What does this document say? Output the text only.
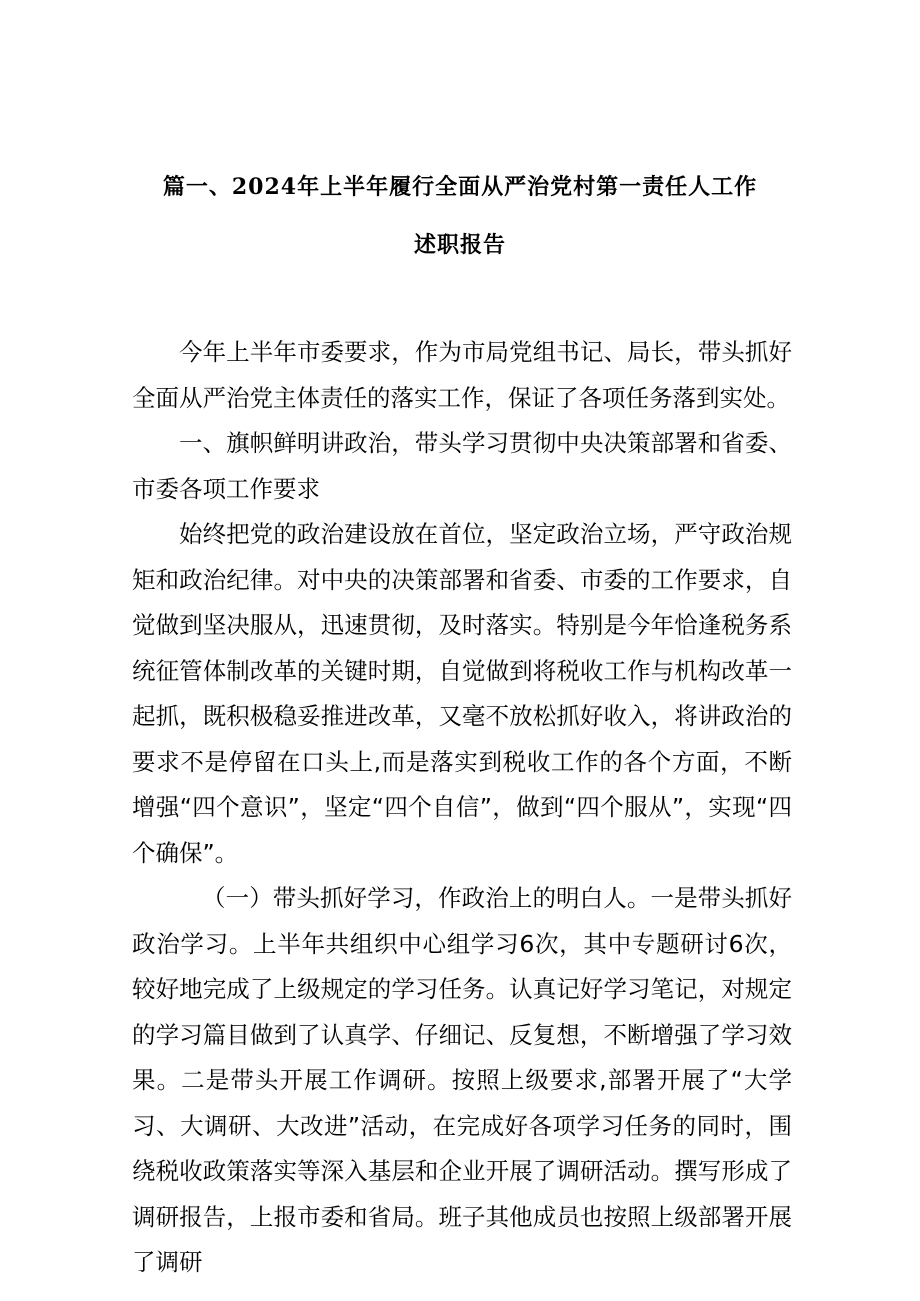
篇一、2024年上半年履行全面从严治党村第一责任人工作
述职报告

今年上半年市委要求，作为市局党组书记、局长，带头抓好全面从严治党主体责任的落实工作，保证了各项任务落到实处。

一、旗帜鲜明讲政治，带头学习贯彻中央决策部署和省委、市委各项工作要求

始终把党的政治建设放在首位，坚定政治立场，严守政治规矩和政治纪律。对中央的决策部署和省委、市委的工作要求，自觉做到坚决服从，迅速贯彻，及时落实。特别是今年恰逢税务系统征管体制改革的关键时期，自觉做到将税收工作与机构改革一起抓，既积极稳妥推进改革，又毫不放松抓好收入，将讲政治的要求不是停留在口头上,而是落实到税收工作的各个方面，不断增强“四个意识”，坚定“四个自信”，做到“四个服从”，实现“四个确保”。

（一）带头抓好学习，作政治上的明白人。一是带头抓好政治学习。上半年共组织中心组学习6次，其中专题研讨6次，较好地完成了上级规定的学习任务。认真记好学习笔记，对规定的学习篇目做到了认真学、仔细记、反复想，不断增强了学习效果。二是带头开展工作调研。按照上级要求,部署开展了“大学习、大调研、大改进”活动，在完成好各项学习任务的同时，围绕税收政策落实等深入基层和企业开展了调研活动。撰写形成了调研报告，上报市委和省局。班子其他成员也按照上级部署开展了调研
